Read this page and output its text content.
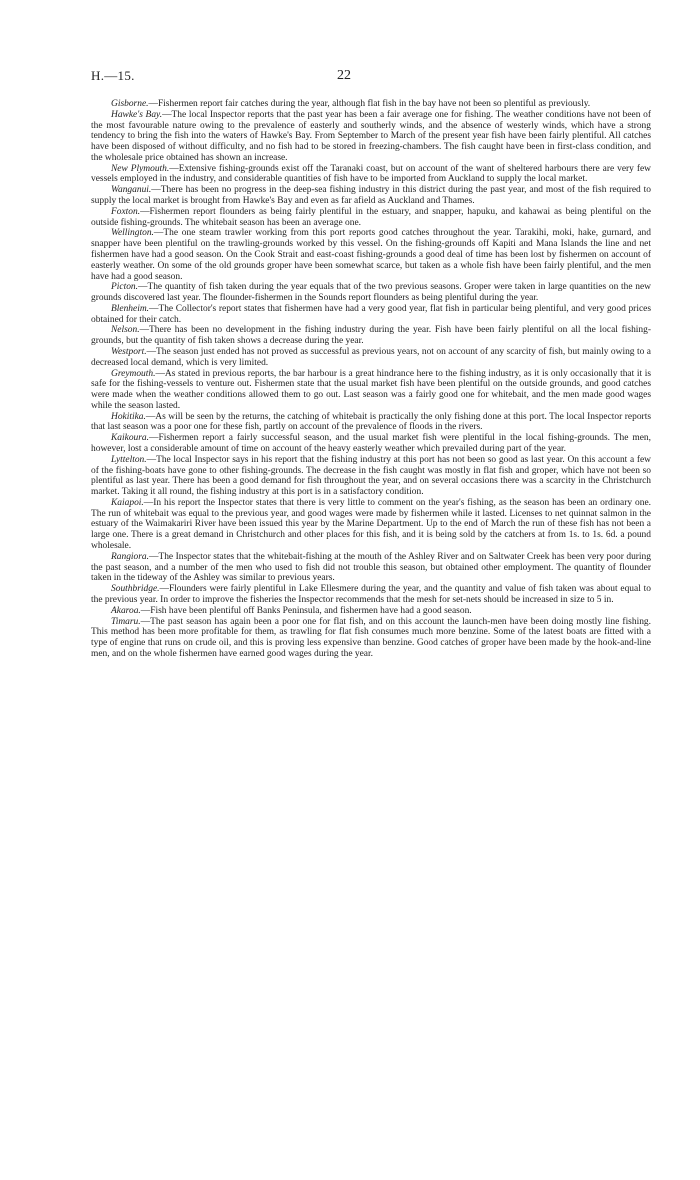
H.—15.	22

Gisborne.—Fishermen report fair catches during the year, although flat fish in the bay have not been so plentiful as previously.

Hawke's Bay.—The local Inspector reports that the past year has been a fair average one for fishing. The weather conditions have not been of the most favourable nature owing to the prevalence of easterly and southerly winds, and the absence of westerly winds, which have a strong tendency to bring the fish into the waters of Hawke's Bay. From September to March of the present year fish have been fairly plentiful. All catches have been disposed of without difficulty, and no fish had to be stored in freezing-chambers. The fish caught have been in first-class condition, and the wholesale price obtained has shown an increase.

New Plymouth.—Extensive fishing-grounds exist off the Taranaki coast, but on account of the want of sheltered harbours there are very few vessels employed in the industry, and considerable quantities of fish have to be imported from Auckland to supply the local market.

Wanganui.—There has been no progress in the deep-sea fishing industry in this district during the past year, and most of the fish required to supply the local market is brought from Hawke's Bay and even as far afield as Auckland and Thames.

Foxton.—Fishermen report flounders as being fairly plentiful in the estuary, and snapper, hapuku, and kahawai as being plentiful on the outside fishing-grounds. The whitebait season has been an average one.

Wellington.—The one steam trawler working from this port reports good catches throughout the year. Tarakihi, moki, hake, gurnard, and snapper have been plentiful on the trawling-grounds worked by this vessel. On the fishing-grounds off Kapiti and Mana Islands the line and net fishermen have had a good season. On the Cook Strait and east-coast fishing-grounds a good deal of time has been lost by fishermen on account of easterly weather. On some of the old grounds groper have been somewhat scarce, but taken as a whole fish have been fairly plentiful, and the men have had a good season.

Picton.—The quantity of fish taken during the year equals that of the two previous seasons. Groper were taken in large quantities on the new grounds discovered last year. The flounder-fishermen in the Sounds report flounders as being plentiful during the year.

Blenheim.—The Collector's report states that fishermen have had a very good year, flat fish in particular being plentiful, and very good prices obtained for their catch.

Nelson.—There has been no development in the fishing industry during the year. Fish have been fairly plentiful on all the local fishing-grounds, but the quantity of fish taken shows a decrease during the year.

Westport.—The season just ended has not proved as successful as previous years, not on account of any scarcity of fish, but mainly owing to a decreased local demand, which is very limited.

Greymouth.—As stated in previous reports, the bar harbour is a great hindrance here to the fishing industry, as it is only occasionally that it is safe for the fishing-vessels to venture out. Fishermen state that the usual market fish have been plentiful on the outside grounds, and good catches were made when the weather conditions allowed them to go out. Last season was a fairly good one for whitebait, and the men made good wages while the season lasted.

Hokitika.—As will be seen by the returns, the catching of whitebait is practically the only fishing done at this port. The local Inspector reports that last season was a poor one for these fish, partly on account of the prevalence of floods in the rivers.

Kaikoura.—Fishermen report a fairly successful season, and the usual market fish were plentiful in the local fishing-grounds. The men, however, lost a considerable amount of time on account of the heavy easterly weather which prevailed during part of the year.

Lyttelton.—The local Inspector says in his report that the fishing industry at this port has not been so good as last year. On this account a few of the fishing-boats have gone to other fishing-grounds. The decrease in the fish caught was mostly in flat fish and groper, which have not been so plentiful as last year. There has been a good demand for fish throughout the year, and on several occasions there was a scarcity in the Christchurch market. Taking it all round, the fishing industry at this port is in a satisfactory condition.

Kaiapoi.—In his report the Inspector states that there is very little to comment on the year's fishing, as the season has been an ordinary one. The run of whitebait was equal to the previous year, and good wages were made by fishermen while it lasted. Licenses to net quinnat salmon in the estuary of the Waimakariri River have been issued this year by the Marine Department. Up to the end of March the run of these fish has not been a large one. There is a great demand in Christchurch and other places for this fish, and it is being sold by the catchers at from 1s. to 1s. 6d. a pound wholesale.

Rangiora.—The Inspector states that the whitebait-fishing at the mouth of the Ashley River and on Saltwater Creek has been very poor during the past season, and a number of the men who used to fish did not trouble this season, but obtained other employment. The quantity of flounder taken in the tideway of the Ashley was similar to previous years.

Southbridge.—Flounders were fairly plentiful in Lake Ellesmere during the year, and the quantity and value of fish taken was about equal to the previous year. In order to improve the fisheries the Inspector recommends that the mesh for set-nets should be increased in size to 5 in.

Akaroa.—Fish have been plentiful off Banks Peninsula, and fishermen have had a good season.

Timaru.—The past season has again been a poor one for flat fish, and on this account the launch-men have been doing mostly line fishing. This method has been more profitable for them, as trawling for flat fish consumes much more benzine. Some of the latest boats are fitted with a type of engine that runs on crude oil, and this is proving less expensive than benzine. Good catches of groper have been made by the hook-and-line men, and on the whole fishermen have earned good wages during the year.
